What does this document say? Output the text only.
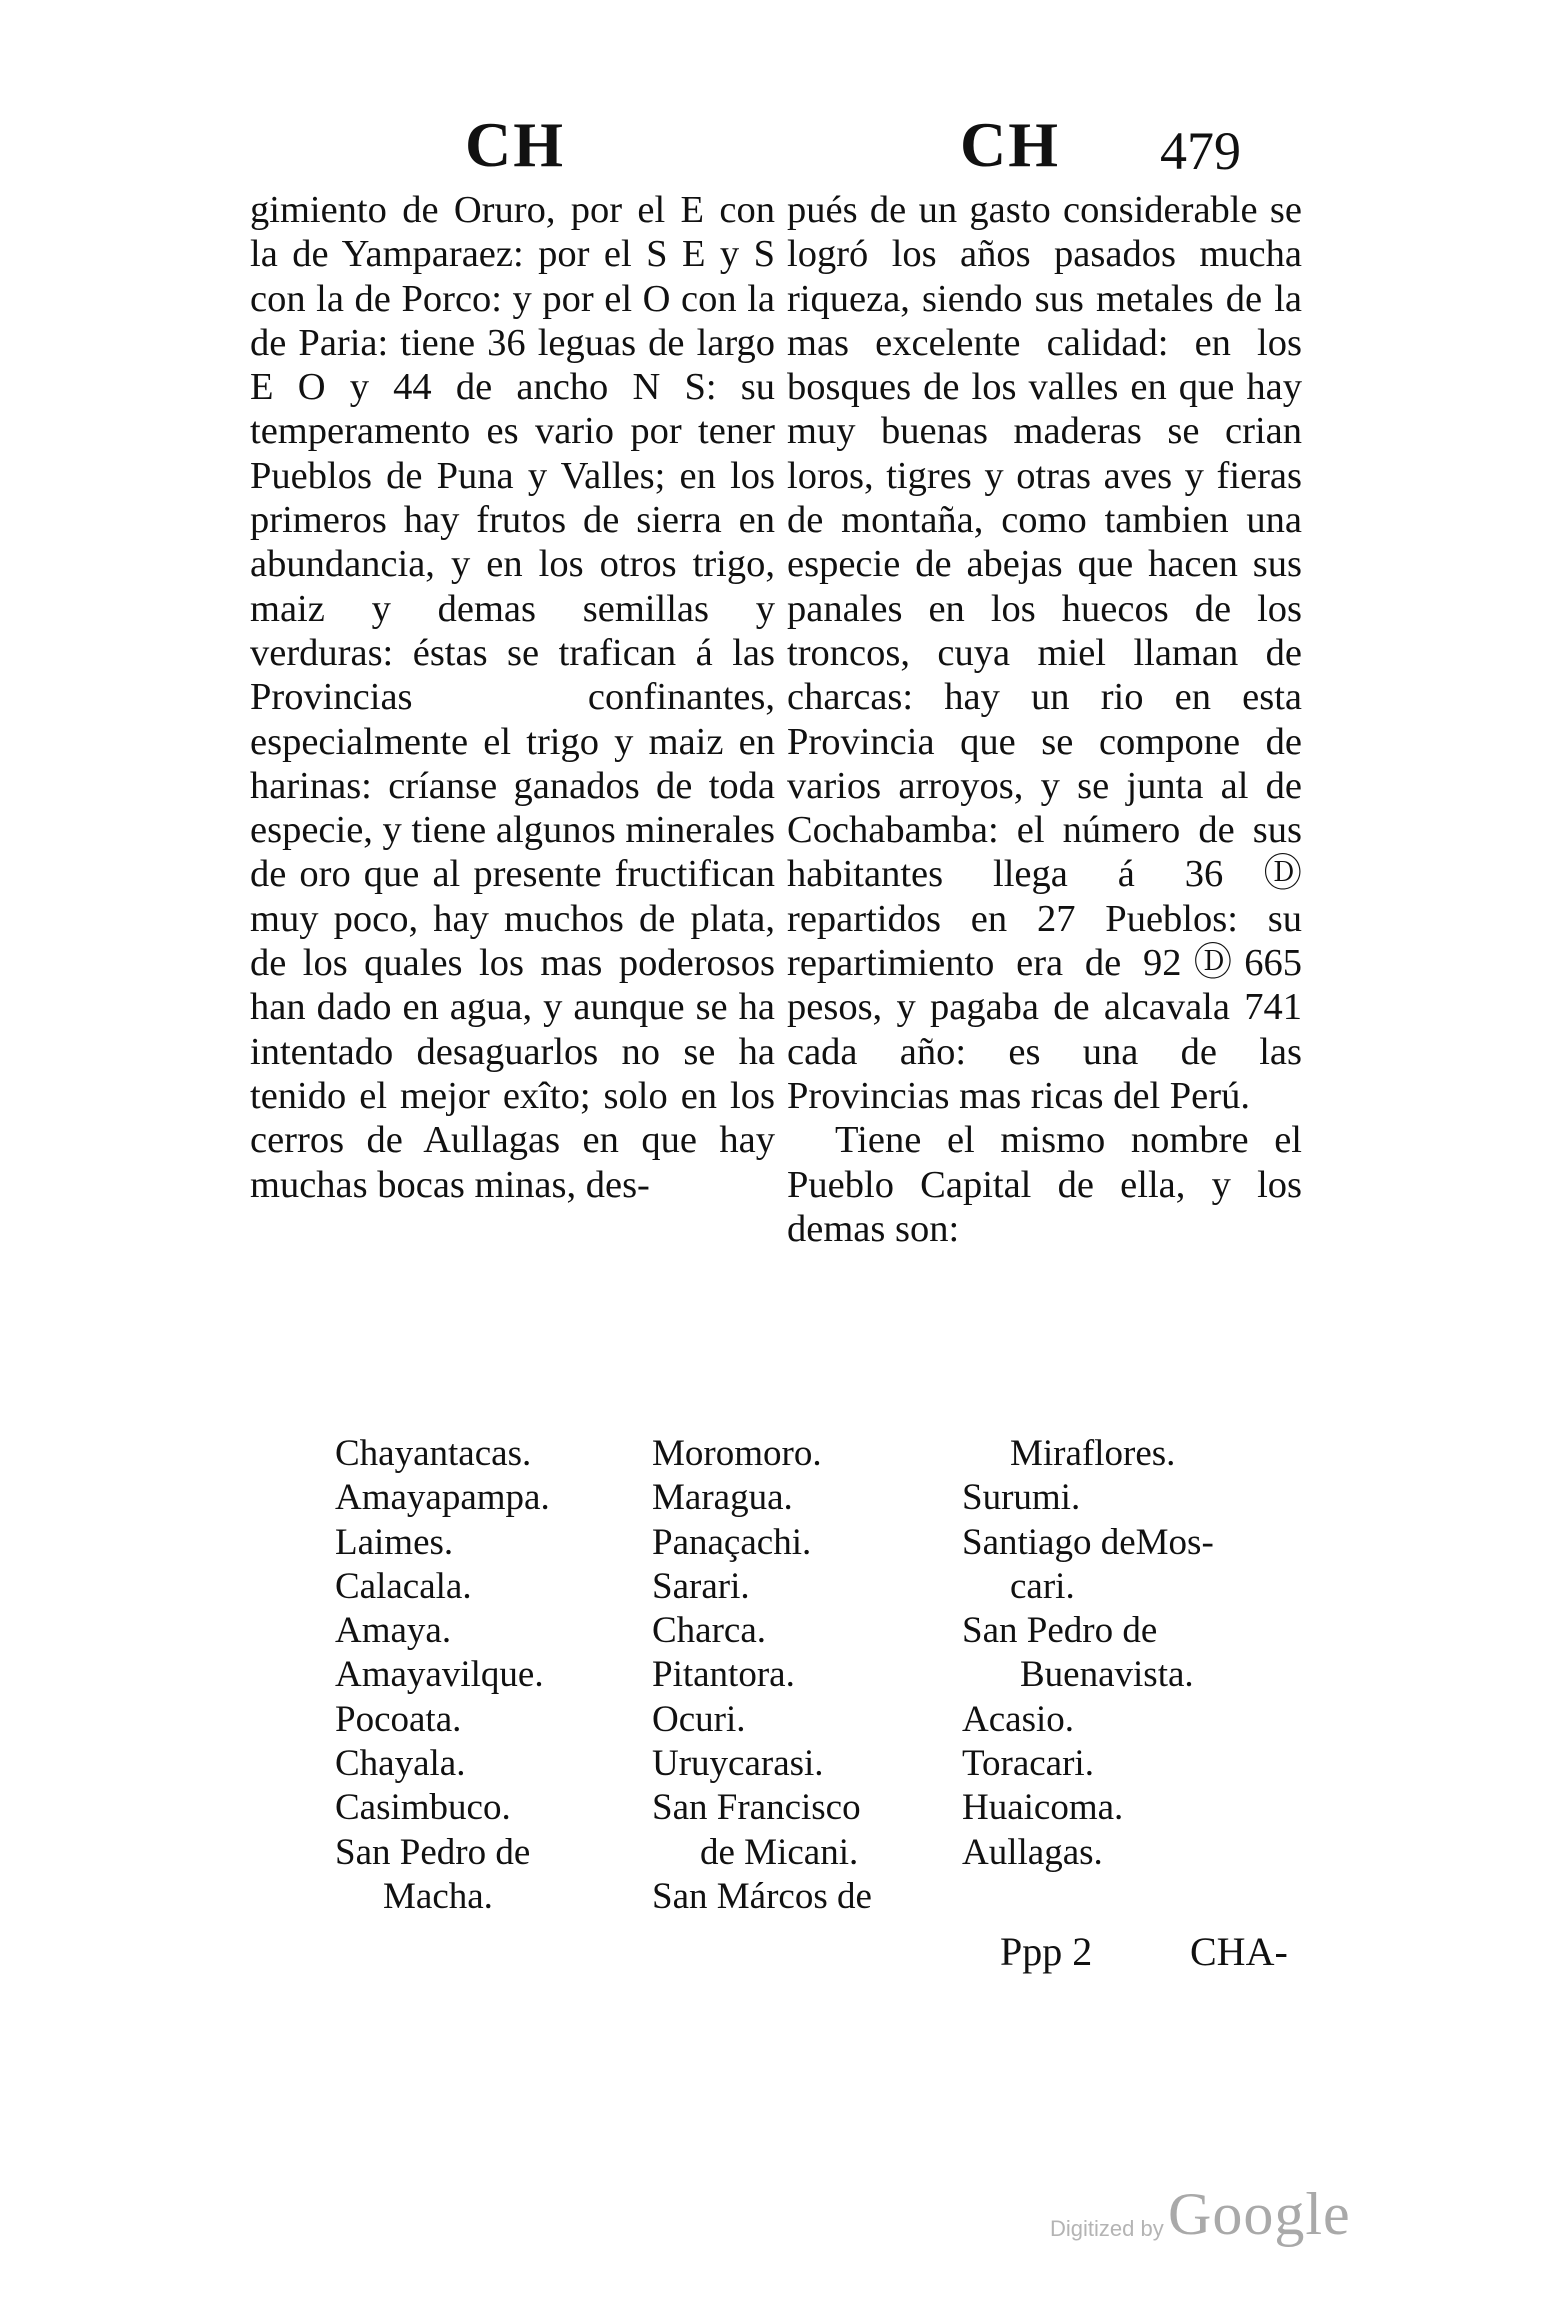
CH	CH 479

gimiento de Oruro, por el E con la de Yamparaez: por el S E y S con la de Porco: y por el O con la de Paria: tiene 36 leguas de largo E O y 44 de ancho N S: su temperamento es vario por tener Pueblos de Puna y Valles; en los primeros hay frutos de sierra en abundancia, y en los otros trigo, maiz y demas semillas y verduras: éstas se trafican á las Provincias confinantes, especialmente el trigo y maiz en harinas: críanse ganados de toda especie, y tiene algunos minerales de oro que al presente fructifican muy poco, hay muchos de plata, de los quales los mas poderosos han dado en agua, y aunque se ha intentado desaguarlos no se ha tenido el mejor exîto; solo en los cerros de Aullagas en que hay muchas bocas minas, des-

pués de un gasto considerable se logró los años pasados mucha riqueza, siendo sus metales de la mas excelente calidad: en los bosques de los valles en que hay muy buenas maderas se crian loros, tigres y otras aves y fieras de montaña, como tambien una especie de abejas que hacen sus panales en los huecos de los troncos, cuya miel llaman de charcas: hay un rio en esta Provincia que se compone de varios arroyos, y se junta al de Cochabamba: el número de sus habitantes llega á 36Ⓓ repartidos en 27 Pueblos: su repartimiento era de 92Ⓓ665 pesos, y pagaba de alcavala 741 cada año: es una de las Provincias mas ricas del Perú.

Tiene el mismo nombre el Pueblo Capital de ella, y los demas son:

Chayantacas.
Amayapampa.
Laimes.
Calacala.
Amaya.
Amayavilque.
Pocoata.
Chayala.
Casimbuco.
San Pedro de
Macha.
Moromoro.
Maragua.
Panaçachi.
Sarari.
Charca.
Pitantora.
Ocuri.
Uruycarasi.
San Francisco
de Micani.
San Márcos de
Miraflores.
Surumi.
Santiago deMos-
cari.
San Pedro de
Buenavista.
Acasio.
Toracari.
Huaicoma.
Aullagas.
Ppp 2 CHA-
Digitized by Google
